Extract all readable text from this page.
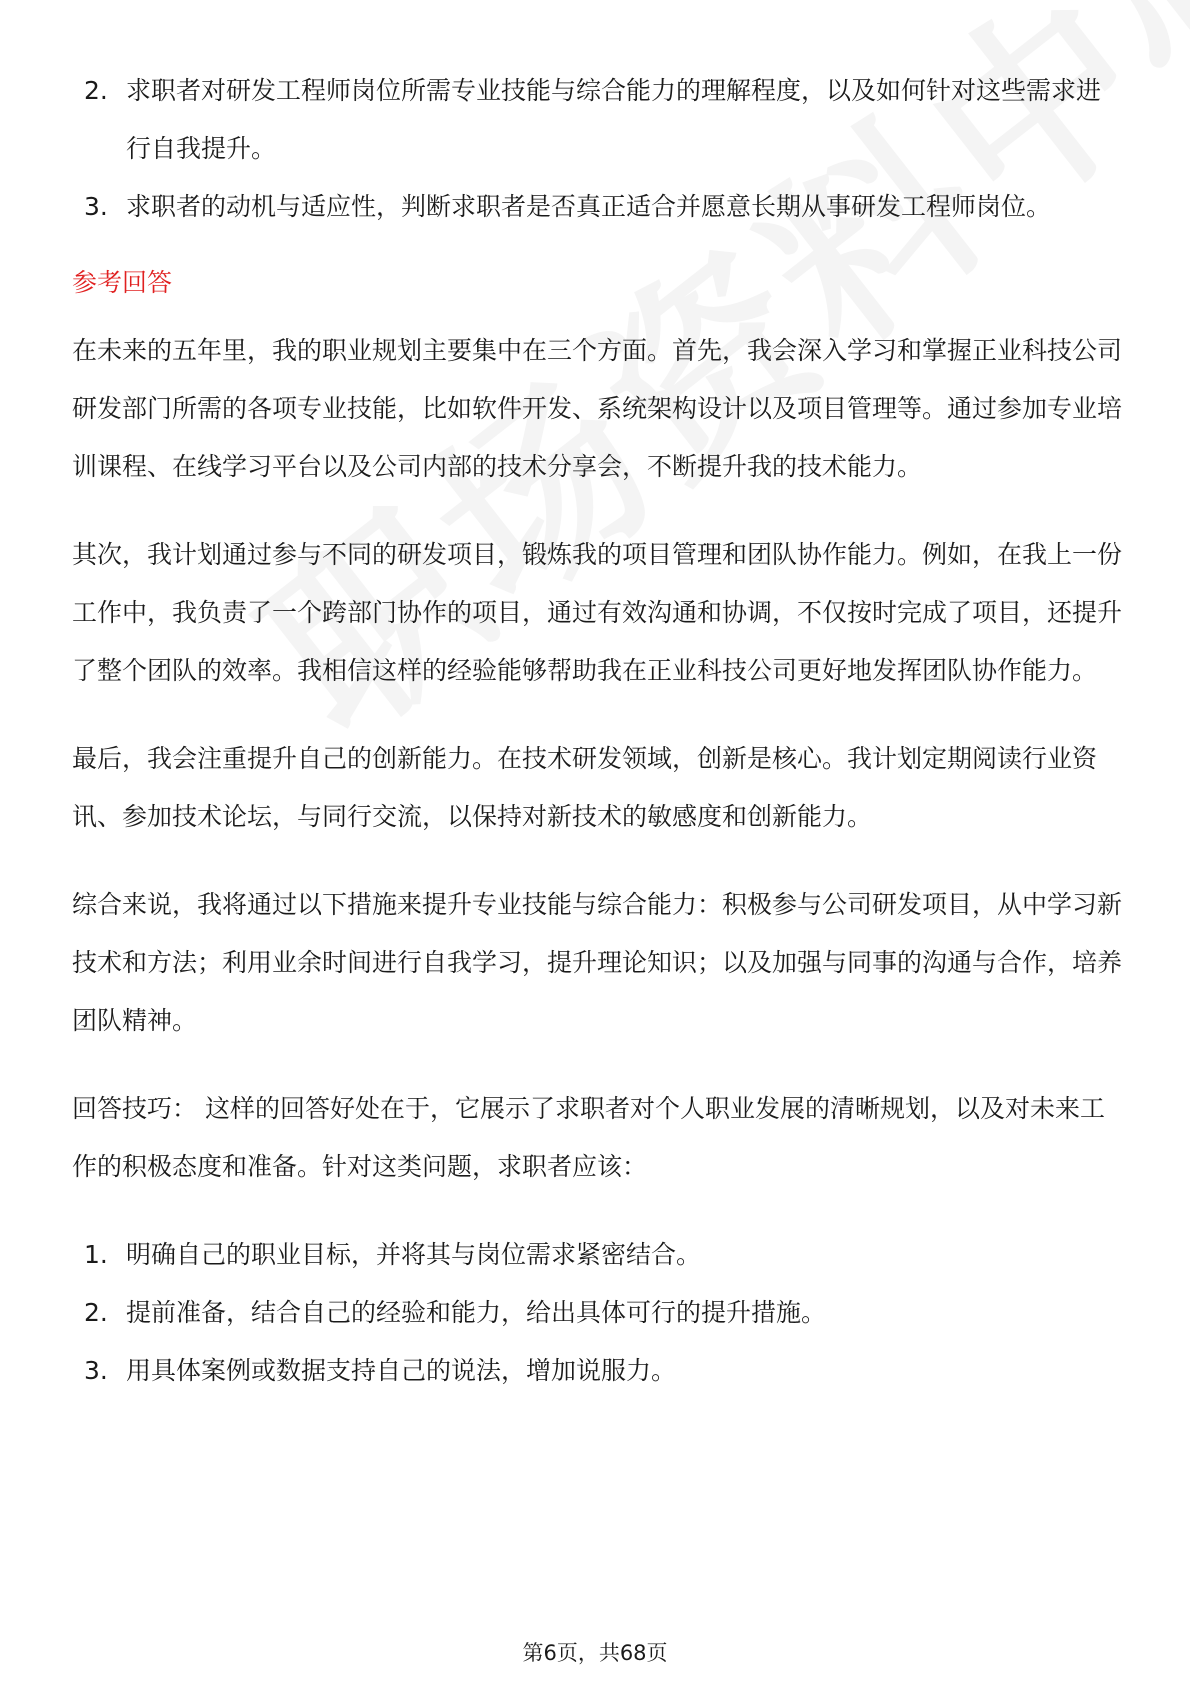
2. 求职者对研发工程师岗位所需专业技能与综合能力的理解程度，以及如何针对这些需求进行自我提升。
3. 求职者的动机与适应性，判断求职者是否真正适合并愿意长期从事研发工程师岗位。
参考回答

在未来的五年里，我的职业规划主要集中在三个方面。首先，我会深入学习和掌握正业科技公司研发部门所需的各项专业技能，比如软件开发、系统架构设计以及项目管理等。通过参加专业培训课程、在线学习平台以及公司内部的技术分享会，不断提升我的技术能力。

其次，我计划通过参与不同的研发项目，锻炼我的项目管理和团队协作能力。例如，在我上一份工作中，我负责了一个跨部门协作的项目，通过有效沟通和协调，不仅按时完成了项目，还提升了整个团队的效率。我相信这样的经验能够帮助我在正业科技公司更好地发挥团队协作能力。

最后，我会注重提升自己的创新能力。在技术研发领域，创新是核心。我计划定期阅读行业资讯、参加技术论坛，与同行交流，以保持对新技术的敏感度和创新能力。

综合来说，我将通过以下措施来提升专业技能与综合能力：积极参与公司研发项目，从中学习新技术和方法；利用业余时间进行自我学习，提升理论知识；以及加强与同事的沟通与合作，培养团队精神。

回答技巧： 这样的回答好处在于，它展示了求职者对个人职业发展的清晰规划，以及对未来工作的积极态度和准备。针对这类问题，求职者应该：

1. 明确自己的职业目标，并将其与岗位需求紧密结合。
2. 提前准备，结合自己的经验和能力，给出具体可行的提升措施。
3. 用具体案例或数据支持自己的说法，增加说服力。
第6页，共68页
